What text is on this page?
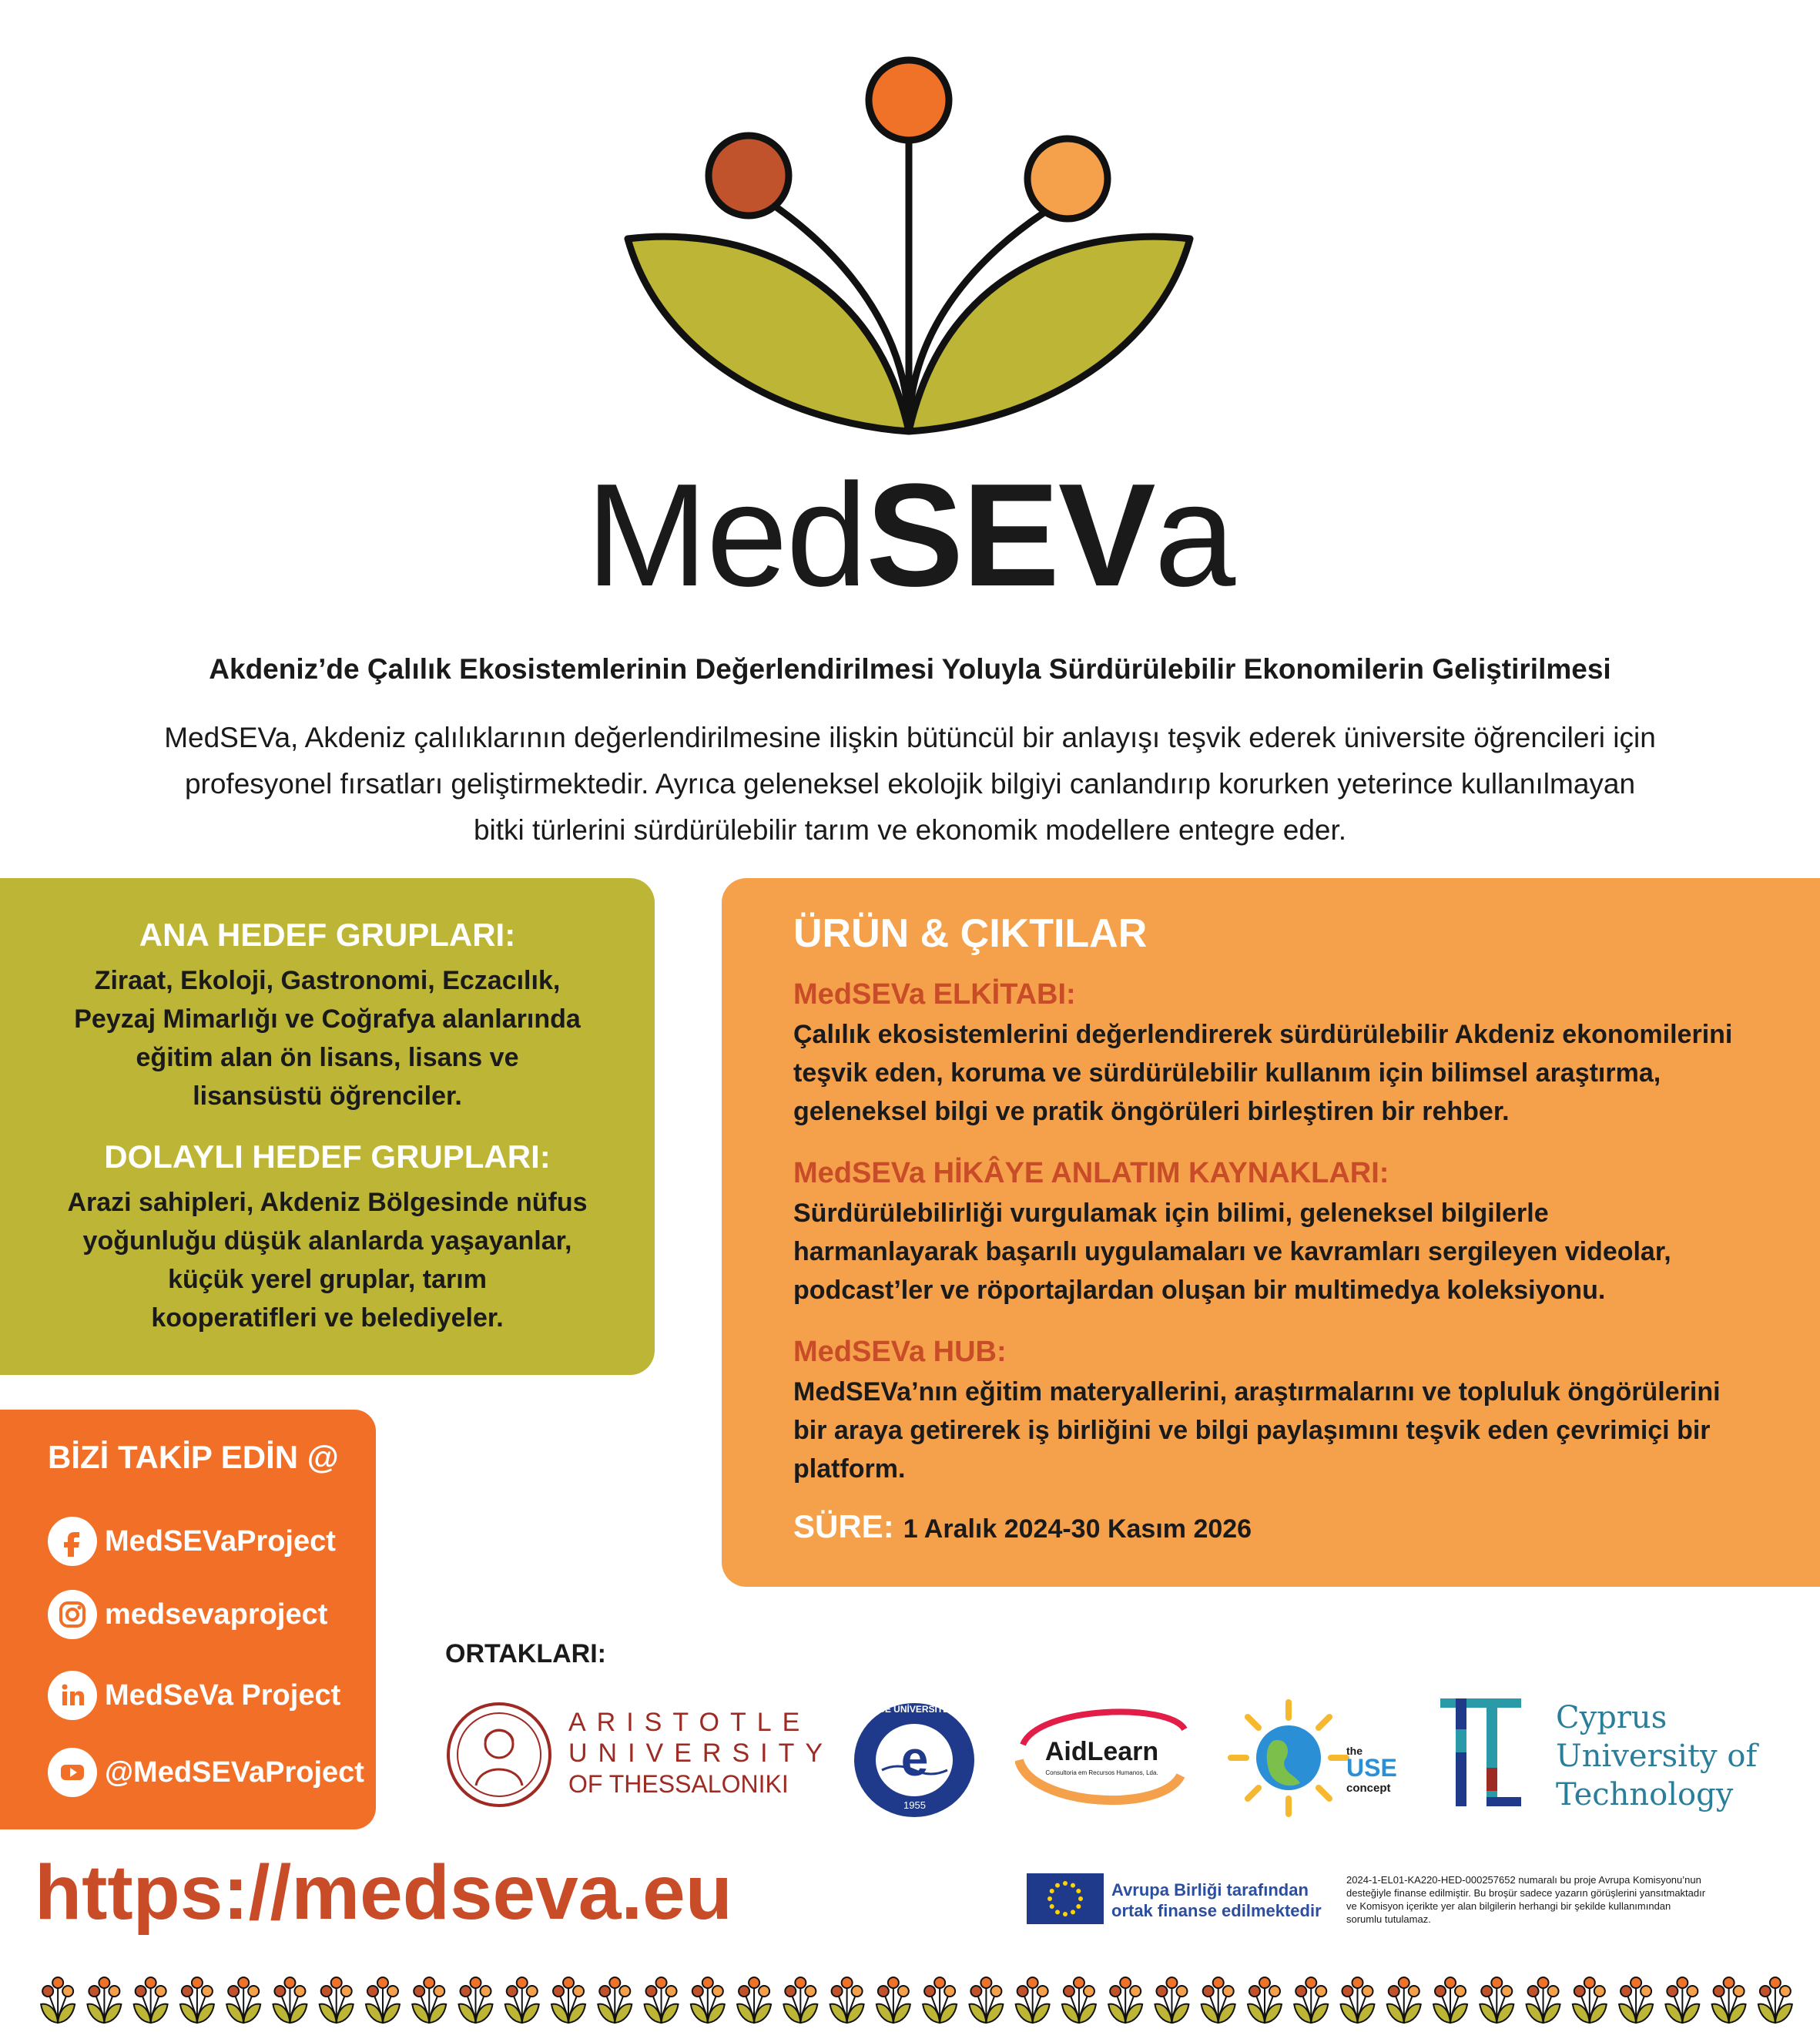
MedSEVa
Akdeniz’de Çalılık Ekosistemlerinin Değerlendirilmesi Yoluyla Sürdürülebilir Ekonomilerin Geliştirilmesi
MedSEVa, Akdeniz çalılıklarının değerlendirilmesine ilişkin bütüncül bir anlayışı teşvik ederek üniversite öğrencileri için
profesyonel fırsatları geliştirmektedir. Ayrıca geleneksel ekolojik bilgiyi canlandırıp korurken yeterince kullanılmayan
bitki türlerini sürdürülebilir tarım ve ekonomik modellere entegre eder.
ANA HEDEF GRUPLARI:
Ziraat, Ekoloji, Gastronomi, Eczacılık,
Peyzaj Mimarlığı ve Coğrafya alanlarında
eğitim alan ön lisans, lisans ve
lisansüstü öğrenciler.
DOLAYLI HEDEF GRUPLARI:
Arazi sahipleri, Akdeniz Bölgesinde nüfus
yoğunluğu düşük alanlarda yaşayanlar,
küçük yerel gruplar, tarım
kooperatifleri ve belediyeler.
ÜRÜN & ÇIKTILAR
MedSEVa ELKİTABI:
Çalılık ekosistemlerini değerlendirerek sürdürülebilir Akdeniz ekonomilerini
teşvik eden, koruma ve sürdürülebilir kullanım için bilimsel araştırma,
geleneksel bilgi ve pratik öngörüleri birleştiren bir rehber.
MedSEVa HİKÂYE ANLATIM KAYNAKLARI:
Sürdürülebilirliği vurgulamak için bilimi, geleneksel bilgilerle
harmanlayarak başarılı uygulamaları ve kavramları sergileyen videolar,
podcast’ler ve röportajlardan oluşan bir multimedya koleksiyonu.
MedSEVa HUB:
MedSEVa’nın eğitim materyallerini, araştırmalarını ve topluluk öngörülerini
bir araya getirerek iş birliğini ve bilgi paylaşımını teşvik eden çevrimiçi bir
platform.
SÜRE: 1 Aralık 2024-30 Kasım 2026
BİZİ TAKİP EDİN @
MedSEVaProject
medsevaproject
MedSeVa Project
@MedSEVaProject
ORTAKLARI:
ARISTOTLE
UNIVERSITY
OF THESSALONIKI	e
EGE ÜNİVERSİTESİ
1955
AidLearn
Consultoria em Recursos Humanos, Lda.
the
USE
concept
Cyprus
University of
Technology
https://medseva.eu	Avrupa Birliği tarafından
ortak finanse edilmektedir
2024-1-EL01-KA220-HED-000257652 numaralı bu proje Avrupa Komisyonu’nun
desteğiyle finanse edilmiştir. Bu broşür sadece yazarın görüşlerini yansıtmaktadır
ve Komisyon içerikte yer alan bilgilerin herhangi bir şekilde kullanımından
sorumlu tutulamaz.
